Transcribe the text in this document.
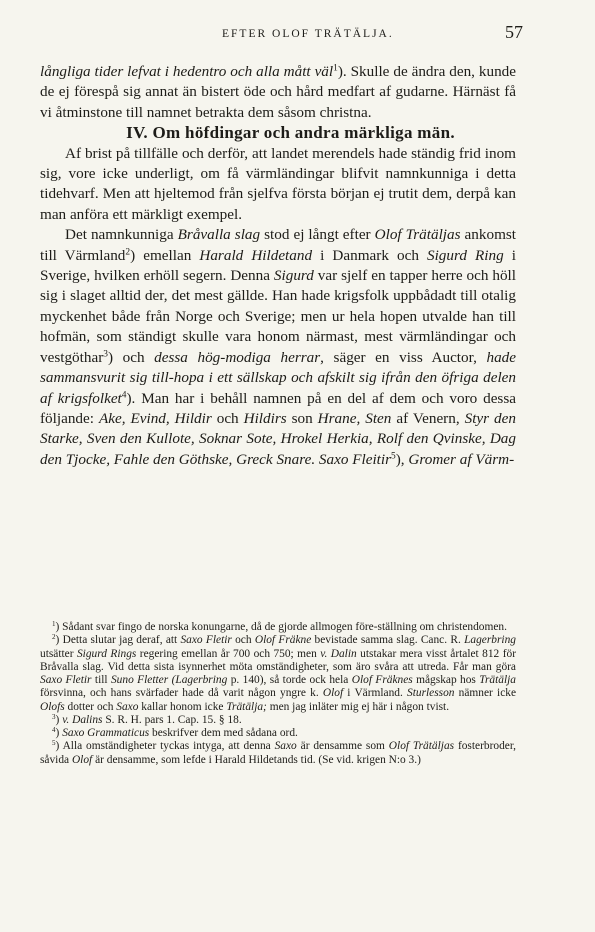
EFTER OLOF TRÄTÄLJA.	57

långliga tider lefvat i hedentro och alla mått väl$^1$). Skulle de ändra den, kunde de ej förespå sig annat än bistert öde och hård medfart af gudarne. Härnäst få vi åtminstone till namnet betrakta dem såsom christna.

IV. Om höfdingar och andra märkliga män.

Af brist på tillfälle och derför, att landet merendels hade ständig frid inom sig, vore icke underligt, om få värmländingar blifvit namnkunniga i detta tidehvarf. Men att hjeltemod från sjelfva första början ej trutit dem, derpå kan man anföra ett märkligt exempel.

Det namnkunniga Bråvalla slag stod ej långt efter Olof Trätäljas ankomst till Värmland$^2$) emellan Harald Hildetand i Danmark och Sigurd Ring i Sverige, hvilken erhöll segern. Denna Sigurd var sjelf en tapper herre och höll sig i slaget alltid der, det mest gällde. Han hade krigsfolk uppbådadt till otalig myckenhet både från Norge och Sverige; men ur hela hopen utvalde han till hofmän, som ständigt skulle vara honom närmast, mest värmländingar och vestgöthar$^3$) och dessa hög-modiga herrar, säger en viss Auctor, hade sammansvurit sig till-hopa i ett sällskap och afskilt sig ifrån den öfriga delen af krigsfolket$^4$). Man har i behåll namnen på en del af dem och voro dessa följande: Ake, Evind, Hildir och Hildirs son Hrane, Sten af Venern, Styr den Starke, Sven den Kullote, Soknar Sote, Hrokel Herkia, Rolf den Qvinske, Dag den Tjocke, Fahle den Göthske, Greck Snare. Saxo Fleitir$^5$), Gromer af Värm-

$^1$) Sådant svar fingo de norska konungarne, då de gjorde allmogen före-ställning om christendomen.

$^2$) Detta slutar jag deraf, att Saxo Fletir och Olof Fräkne bevistade samma slag. Canc. R. Lagerbring utsätter Sigurd Rings regering emellan år 700 och 750; men v. Dalin utstakar mera visst årtalet 812 för Bråvalla slag. Vid detta sista isynnerhet möta omständigheter, som äro svåra att utreda. Får man göra Saxo Fletir till Suno Fletter (Lagerbring p. 140), så torde ock hela Olof Fräknes mågskap hos Trätälja försvinna, och hans svärfader hade då varit någon yngre k. Olof i Värmland. Sturlesson nämner icke Olofs dotter och Saxo kallar honom icke Trätälja; men jag inläter mig ej här i någon tvist.

$^3$) v. Dalins S. R. H. pars 1. Cap. 15. § 18.

$^4$) Saxo Grammaticus beskrifver dem med sådana ord.

$^5$) Alla omständigheter tyckas intyga, att denna Saxo är densamme som Olof Trätäljas fosterbroder, såvida Olof är densamme, som lefde i Harald Hildetands tid. (Se vid. krigen N:o 3.)
